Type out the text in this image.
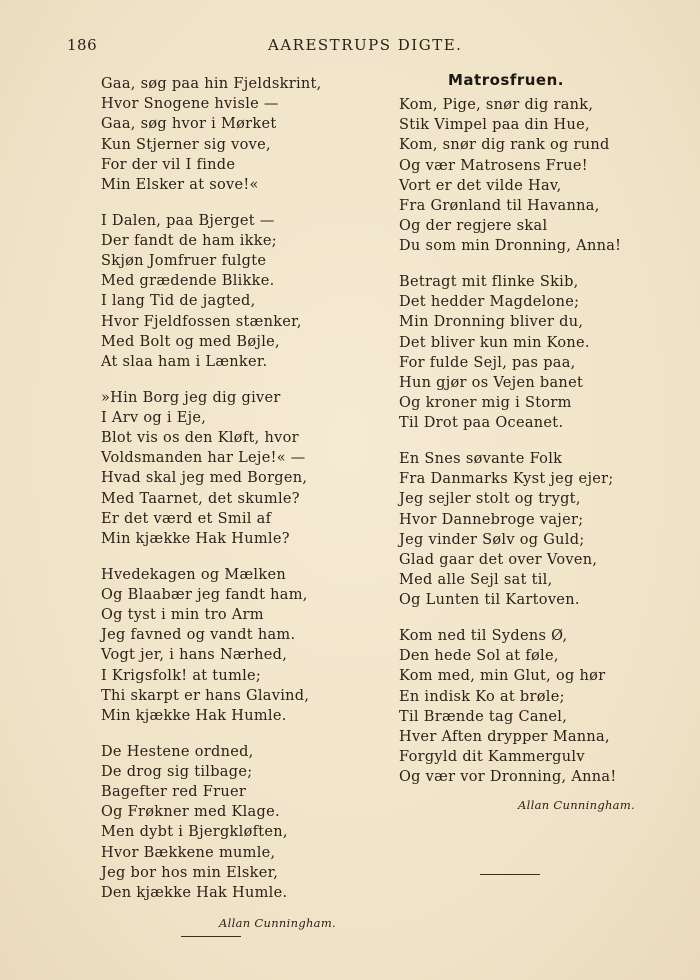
186	AARESTRUPS DIGTE.
Gaa, søg paa hin Fjeldskrint,
Hvor Snogene hvisle —
Gaa, søg hvor i Mørket
Kun Stjerner sig vove,
For der vil I finde
Min Elsker at sove!«
I Dalen, paa Bjerget —
Der fandt de ham ikke;
Skjøn Jomfruer fulgte
Med grædende Blikke.
I lang Tid de jagted,
Hvor Fjeldfossen stænker,
Med Bolt og med Bøjle,
At slaa ham i Lænker.
»Hin Borg jeg dig giver
I Arv og i Eje,
Blot vis os den Kløft, hvor
Voldsmanden har Leje!« —
Hvad skal jeg med Borgen,
Med Taarnet, det skumle?
Er det værd et Smil af
Min kjække Hak Humle?
Hvedekagen og Mælken
Og Blaabær jeg fandt ham,
Og tyst i min tro Arm
Jeg favned og vandt ham.
Vogt jer, i hans Nærhed,
I Krigsfolk! at tumle;
Thi skarpt er hans Glavind,
Min kjække Hak Humle.
De Hestene ordned,
De drog sig tilbage;
Bagefter red Fruer
Og Frøkner med Klage.
Men dybt i Bjergkløften,
Hvor Bækkene mumle,
Jeg bor hos min Elsker,
Den kjække Hak Humle.
Allan Cunningham.
Matrosfruen.
Kom, Pige, snør dig rank,
Stik Vimpel paa din Hue,
Kom, snør dig rank og rund
Og vær Matrosens Frue!
Vort er det vilde Hav,
Fra Grønland til Havanna,
Og der regjere skal
Du som min Dronning, Anna!
Betragt mit flinke Skib,
Det hedder Magdelone;
Min Dronning bliver du,
Det bliver kun min Kone.
For fulde Sejl, pas paa,
Hun gjør os Vejen banet
Og kroner mig i Storm
Til Drot paa Oceanet.
En Snes søvante Folk
Fra Danmarks Kyst jeg ejer;
Jeg sejler stolt og trygt,
Hvor Dannebroge vajer;
Jeg vinder Sølv og Guld;
Glad gaar det over Voven,
Med alle Sejl sat til,
Og Lunten til Kartoven.
Kom ned til Sydens Ø,
Den hede Sol at føle,
Kom med, min Glut, og hør
En indisk Ko at brøle;
Til Brænde tag Canel,
Hver Aften drypper Manna,
Forgyld dit Kammergulv
Og vær vor Dronning, Anna!
Allan Cunningham.
